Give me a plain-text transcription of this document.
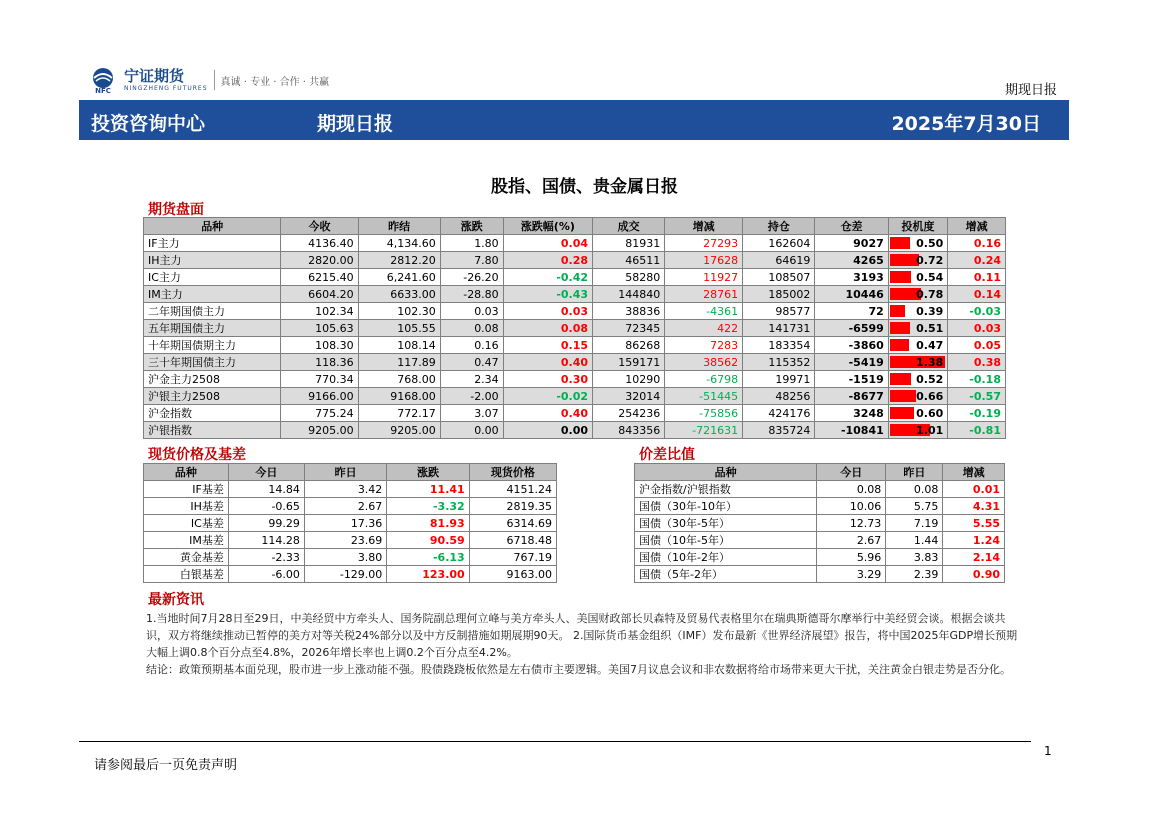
NFC
宁证期货
NINGZHENG FUTURES
真诚 · 专业 · 合作 · 共赢
期现日报
投资咨询中心	期现日报	2025年7月30日
股指、国债、贵金属日报
期货盘面
品种	今收	昨结	涨跌	涨跌幅(%)	成交	增减	持仓	仓差	投机度	增减
IF主力	4136.40	4,134.60	1.80	0.04	81931	27293	162604	9027	0.50	0.16
IH主力	2820.00	2812.20	7.80	0.28	46511	17628	64619	4265	0.72	0.24
IC主力	6215.40	6,241.60	-26.20	-0.42	58280	11927	108507	3193	0.54	0.11
IM主力	6604.20	6633.00	-28.80	-0.43	144840	28761	185002	10446	0.78	0.14
二年期国债主力	102.34	102.30	0.03	0.03	38836	-4361	98577	72	0.39	-0.03
五年期国债主力	105.63	105.55	0.08	0.08	72345	422	141731	-6599	0.51	0.03
十年期国债期主力	108.30	108.14	0.16	0.15	86268	7283	183354	-3860	0.47	0.05
三十年期国债主力	118.36	117.89	0.47	0.40	159171	38562	115352	-5419	1.38	0.38
沪金主力2508	770.34	768.00	2.34	0.30	10290	-6798	19971	-1519	0.52	-0.18
沪银主力2508	9166.00	9168.00	-2.00	-0.02	32014	-51445	48256	-8677	0.66	-0.57
沪金指数	775.24	772.17	3.07	0.40	254236	-75856	424176	3248	0.60	-0.19
沪银指数	9205.00	9205.00	0.00	0.00	843356	-721631	835724	-10841	1.01	-0.81
现货价格及基差
品种	今日	昨日	涨跌	现货价格
IF基差	14.84	3.42	11.41	4151.24
IH基差	-0.65	2.67	-3.32	2819.35
IC基差	99.29	17.36	81.93	6314.69
IM基差	114.28	23.69	90.59	6718.48
黄金基差	-2.33	3.80	-6.13	767.19
白银基差	-6.00	-129.00	123.00	9163.00
价差比值
品种	今日	昨日	增减
沪金指数/沪银指数	0.08	0.08	0.01
国债（30年-10年）	10.06	5.75	4.31
国债（30年-5年）	12.73	7.19	5.55
国债（10年-5年）	2.67	1.44	1.24
国债（10年-2年）	5.96	3.83	2.14
国债（5年-2年）	3.29	2.39	0.90
最新资讯

1.当地时间7月28日至29日，中美经贸中方牵头人、国务院副总理何立峰与美方牵头人、美国财政部长贝森特及贸易代表格里尔在瑞典斯德哥尔摩举行中美经贸会谈。根据会谈共识，双方将继续推动已暂停的美方对等关税24%部分以及中方反制措施如期展期90天。 2.国际货币基金组织（IMF）发布最新《世界经济展望》报告，将中国2025年GDP增长预期大幅上调0.8个百分点至4.8%，2026年增长率也上调0.2个百分点至4.2%。

结论：政策预期基本面兑现，股市进一步上涨动能不强。股债跷跷板依然是左右债市主要逻辑。美国7月议息会议和非农数据将给市场带来更大干扰，关注黄金白银走势是否分化。

1
请参阅最后一页免责声明
